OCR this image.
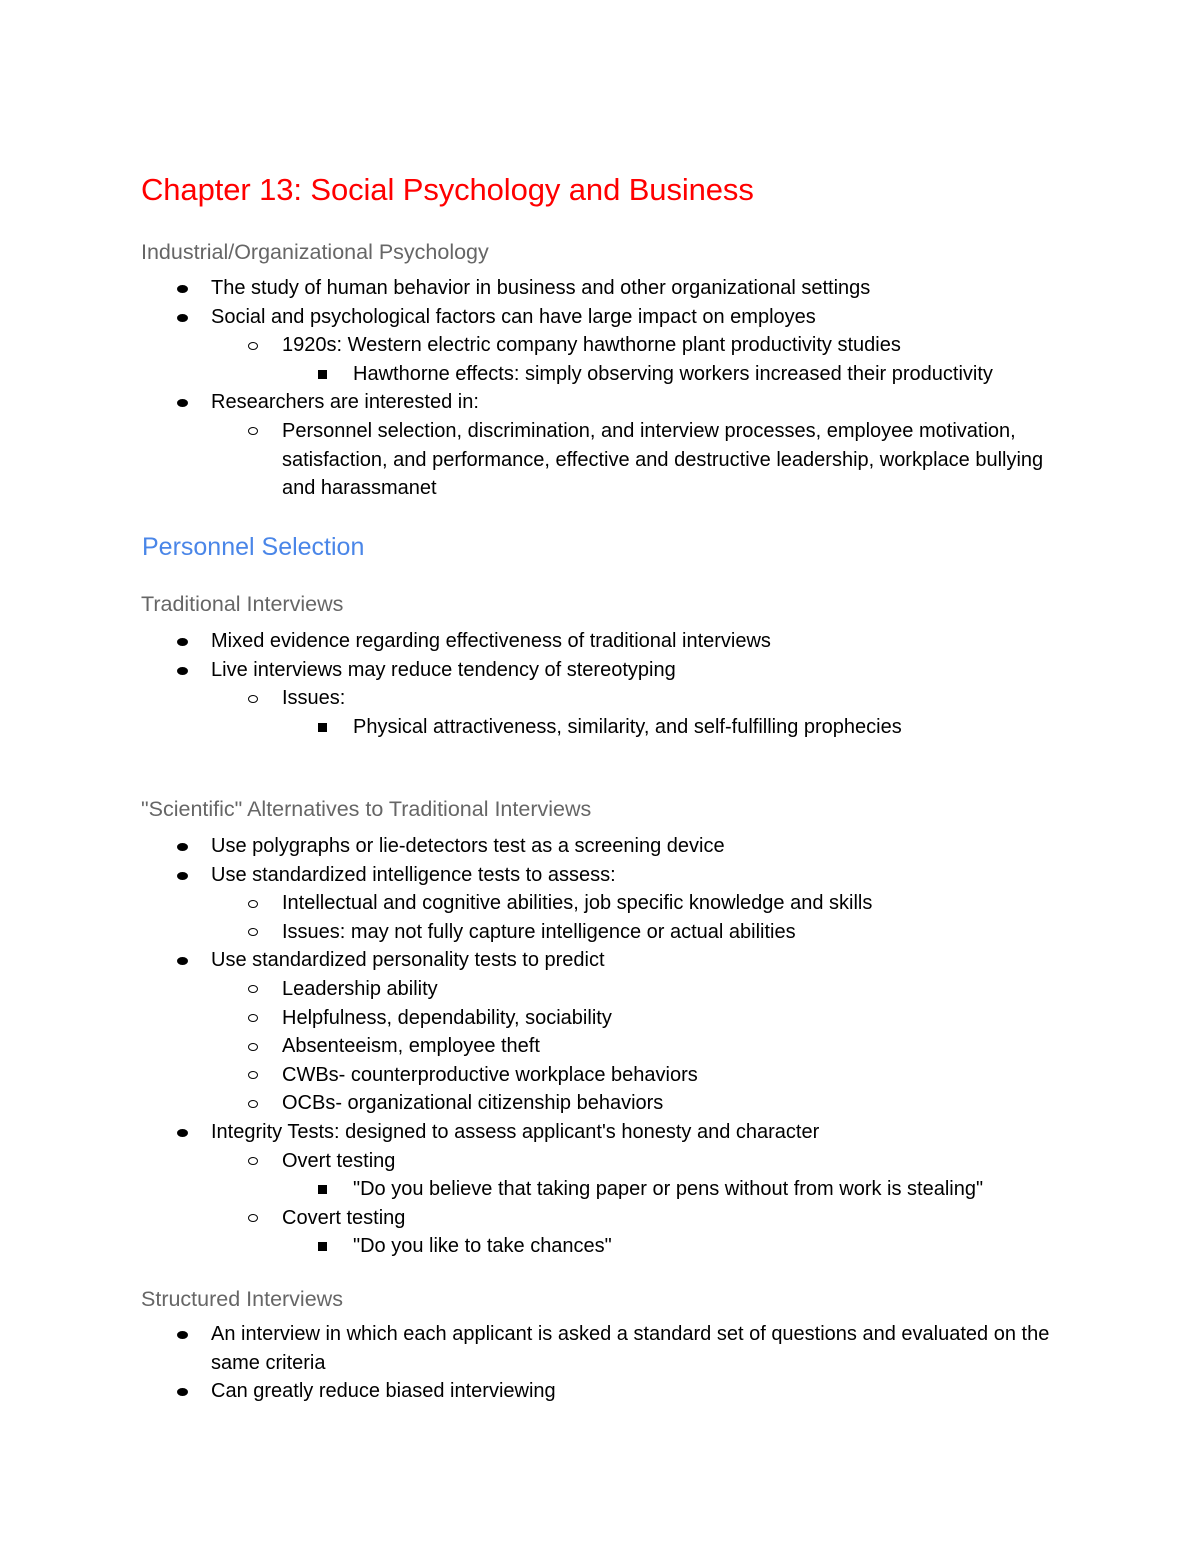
Chapter 13: Social Psychology and Business
Industrial/Organizational Psychology
The study of human behavior in business and other organizational settings
Social and psychological factors can have large impact on employes
1920s: Western electric company hawthorne plant productivity studies
Hawthorne effects: simply observing workers increased their productivity
Researchers are interested in:
Personnel selection, discrimination, and interview processes, employee motivation, satisfaction, and performance, effective and destructive leadership, workplace bullying and harassmanet
Personnel Selection
Traditional Interviews
Mixed evidence regarding effectiveness of traditional interviews
Live interviews may reduce tendency of stereotyping
Issues:
Physical attractiveness, similarity, and self-fulfilling prophecies
"Scientific" Alternatives to Traditional Interviews
Use polygraphs or lie-detectors test as a screening device
Use standardized intelligence tests to assess:
Intellectual and cognitive abilities, job specific knowledge and skills
Issues: may not fully capture intelligence or actual abilities
Use standardized personality tests to predict
Leadership ability
Helpfulness, dependability, sociability
Absenteeism, employee theft
CWBs- counterproductive workplace behaviors
OCBs- organizational citizenship behaviors
Integrity Tests: designed to assess applicant's honesty and character
Overt testing
"Do you believe that taking paper or pens without from work is stealing"
Covert testing
"Do you like to take chances"
Structured Interviews
An interview in which each applicant is asked a standard set of questions and evaluated on the same criteria
Can greatly reduce biased interviewing
